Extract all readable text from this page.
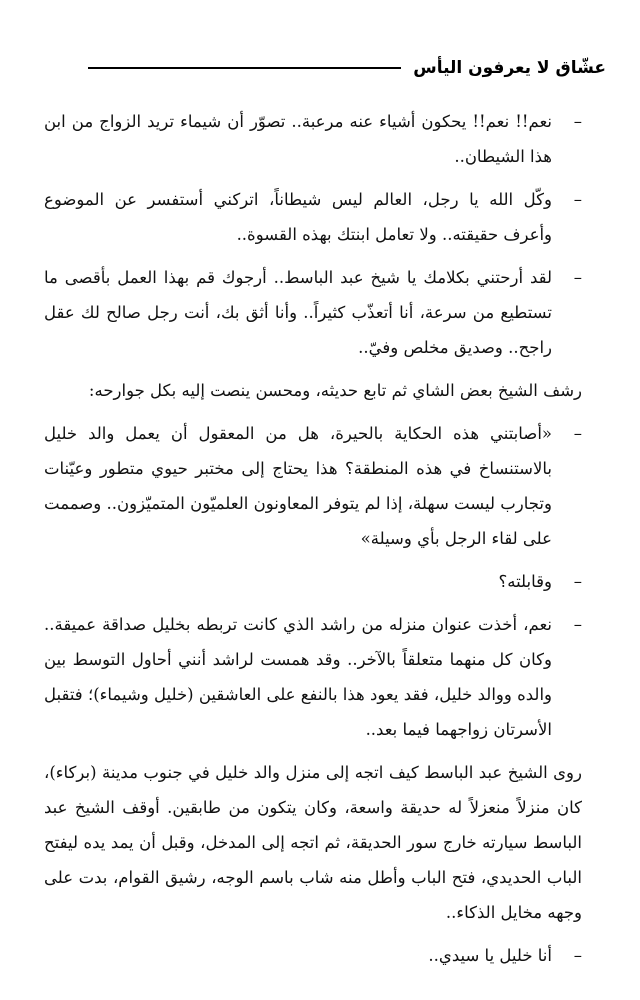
عشّاق لا يعرفون اليأس
–
نعم!! نعم!! يحكون أشياء عنه مرعبة.. تصوّر أن شيماء تريد الزواج من ابن هذا الشيطان..
–
وكّل الله يا رجل، العالم ليس شيطاناً، اتركني أستفسر عن الموضوع وأعرف حقيقته.. ولا تعامل ابنتك بهذه القسوة..
–
لقد أرحتني بكلامك يا شيخ عبد الباسط.. أرجوك قم بهذا العمل بأقصى ما تستطيع من سرعة، أنا أتعذّب كثيراً.. وأنا أثق بك، أنت رجل صالح لك عقل راجح.. وصديق مخلص وفيّ..
رشف الشيخ بعض الشاي ثم تابع حديثه، ومحسن ينصت إليه بكل جوارحه:
–
«أصابتني هذه الحكاية بالحيرة، هل من المعقول أن يعمل والد خليل بالاستنساخ في هذه المنطقة؟ هذا يحتاج إلى مختبر حيوي متطور وعيّنات وتجارب ليست سهلة، إذا لم يتوفر المعاونون العلميّون المتميّزون.. وصممت على لقاء الرجل بأي وسيلة»
–
وقابلته؟
–
نعم، أخذت عنوان منزله من راشد الذي كانت تربطه بخليل صداقة عميقة.. وكان كل منهما متعلقاً بالآخر.. وقد همست لراشد أنني أحاول التوسط بين والده ووالد خليل، فقد يعود هذا بالنفع على العاشقين (خليل وشيماء)؛ فتقبل الأسرتان زواجهما فيما بعد..
روى الشيخ عبد الباسط كيف اتجه إلى منزل والد خليل في جنوب مدينة (بركاء)، كان منزلاً منعزلاً له حديقة واسعة، وكان يتكون من طابقين. أوقف الشيخ عبد الباسط سيارته خارج سور الحديقة، ثم اتجه إلى المدخل، وقبل أن يمد يده ليفتح الباب الحديدي، فتح الباب وأطل منه شاب باسم الوجه، رشيق القوام، بدت على وجهه مخايل الذكاء..
–
أنا خليل يا سيدي..
